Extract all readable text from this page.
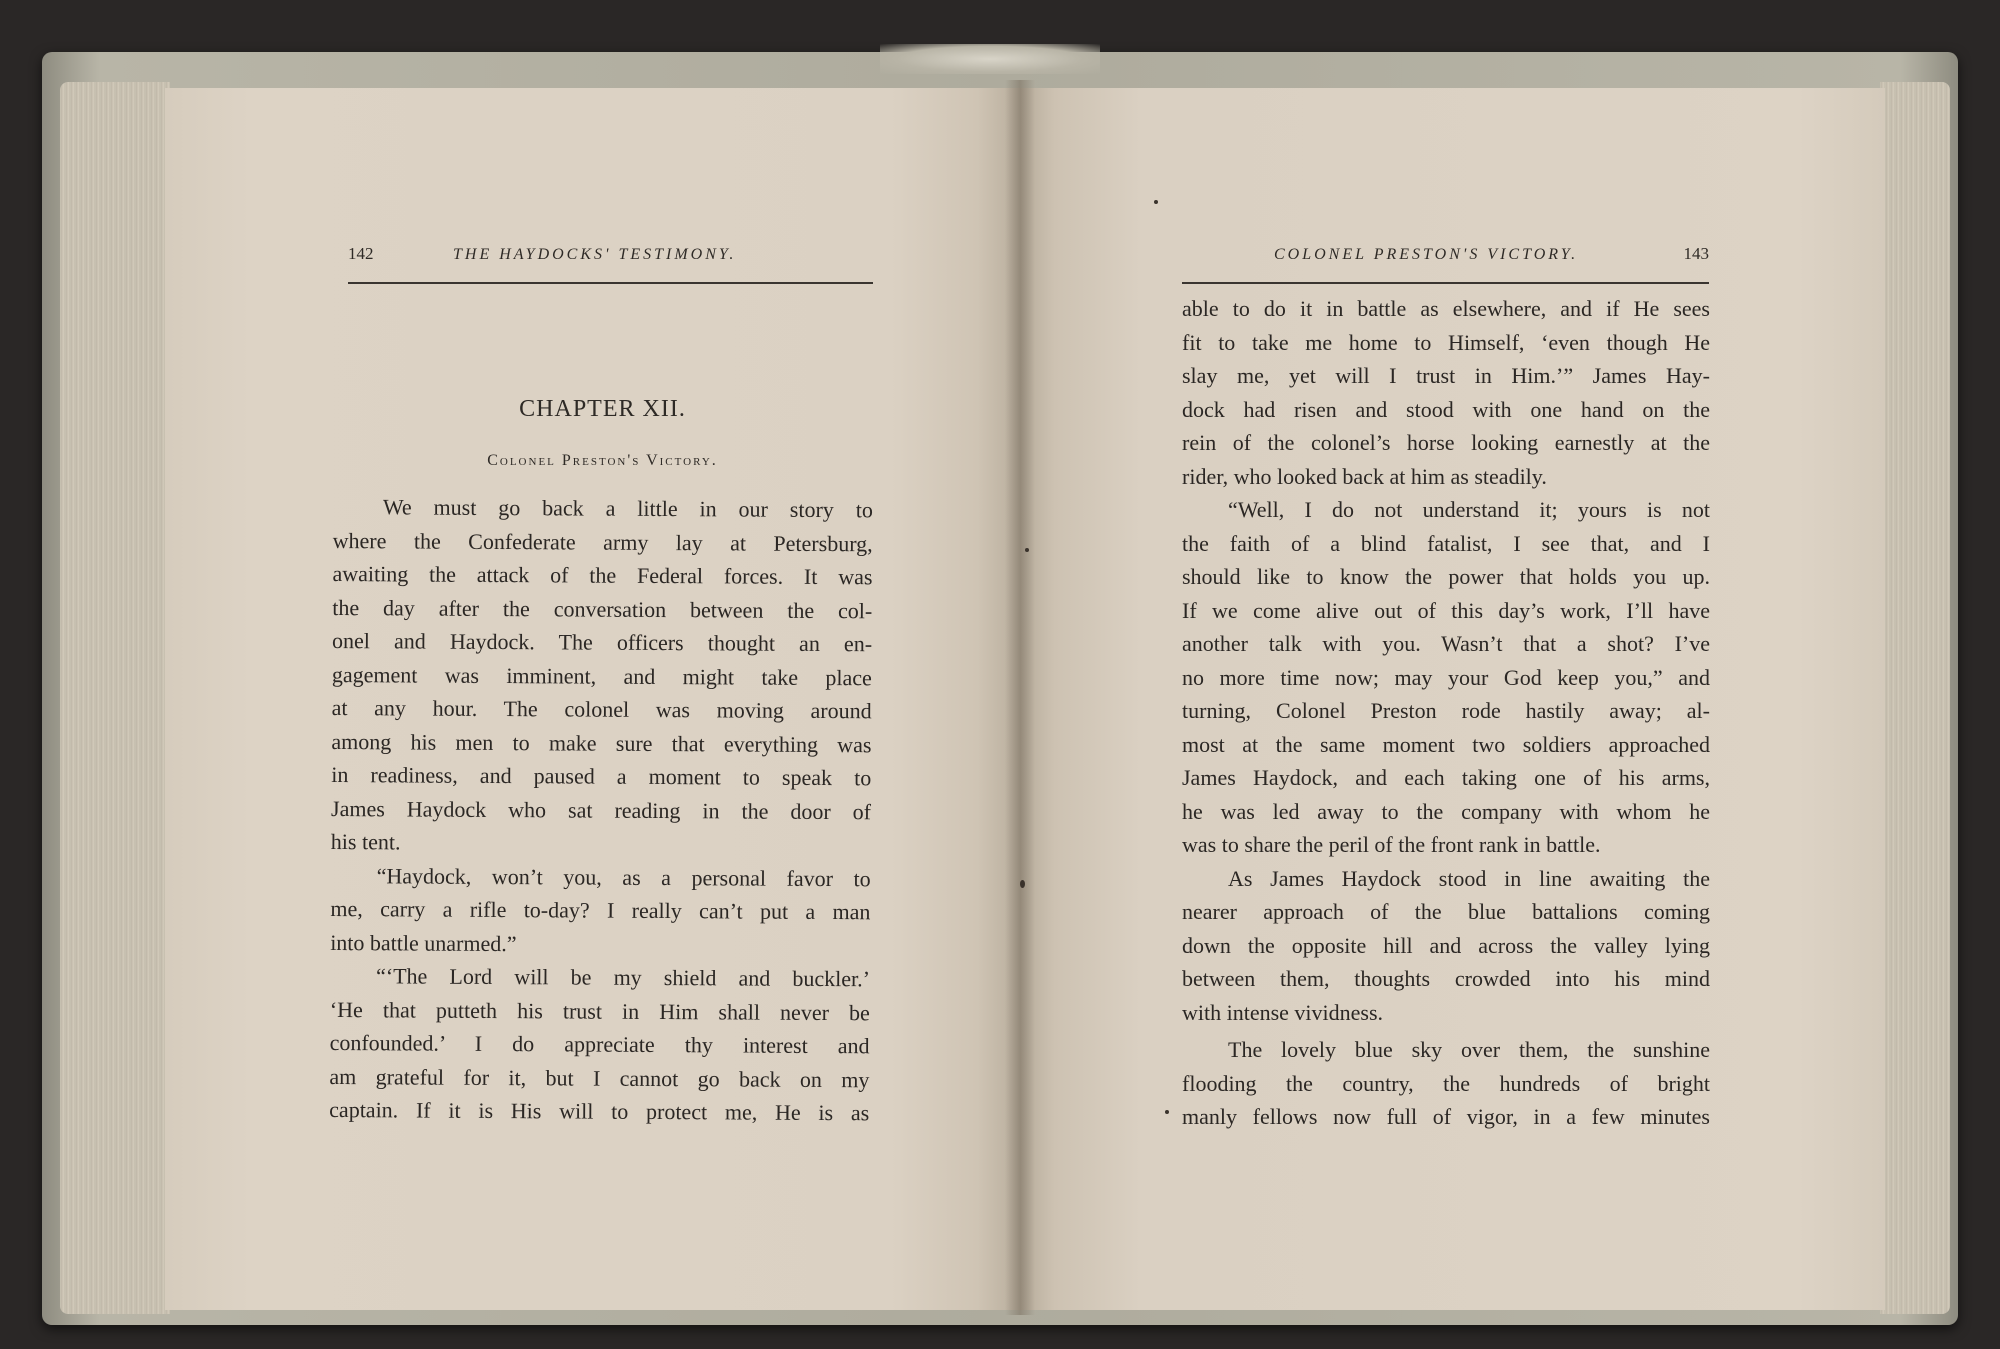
142	THE HAYDOCKS' TESTIMONY.	COLONEL PRESTON'S VICTORY.	143
CHAPTER XII.
Colonel Preston's Victory.
We must go back a little in our story to
where the Confederate army lay at Petersburg,
awaiting the attack of the Federal forces. It was
the day after the conversation between the col-
onel and Haydock. The officers thought an en-
gagement was imminent, and might take place
at any hour. The colonel was moving around
among his men to make sure that everything was
in readiness, and paused a moment to speak to
James Haydock who sat reading in the door of
his tent.
“Haydock, won’t you, as a personal favor to
me, carry a rifle to-day? I really can’t put a man
into battle unarmed.”
“‘The Lord will be my shield and buckler.’
‘He that putteth his trust in Him shall never be
confounded.’ I do appreciate thy interest and
am grateful for it, but I cannot go back on my
captain. If it is His will to protect me, He is as
able to do it in battle as elsewhere, and if He sees
fit to take me home to Himself, ‘even though He
slay me, yet will I trust in Him.’” James Hay-
dock had risen and stood with one hand on the
rein of the colonel’s horse looking earnestly at the
rider, who looked back at him as steadily.
“Well, I do not understand it; yours is not
the faith of a blind fatalist, I see that, and I
should like to know the power that holds you up.
If we come alive out of this day’s work, I’ll have
another talk with you. Wasn’t that a shot? I’ve
no more time now; may your God keep you,” and
turning, Colonel Preston rode hastily away; al-
most at the same moment two soldiers approached
James Haydock, and each taking one of his arms,
he was led away to the company with whom he
was to share the peril of the front rank in battle.
As James Haydock stood in line awaiting the
nearer approach of the blue battalions coming
down the opposite hill and across the valley lying
between them, thoughts crowded into his mind
with intense vividness.
The lovely blue sky over them, the sunshine
flooding the country, the hundreds of bright
manly fellows now full of vigor, in a few minutes
